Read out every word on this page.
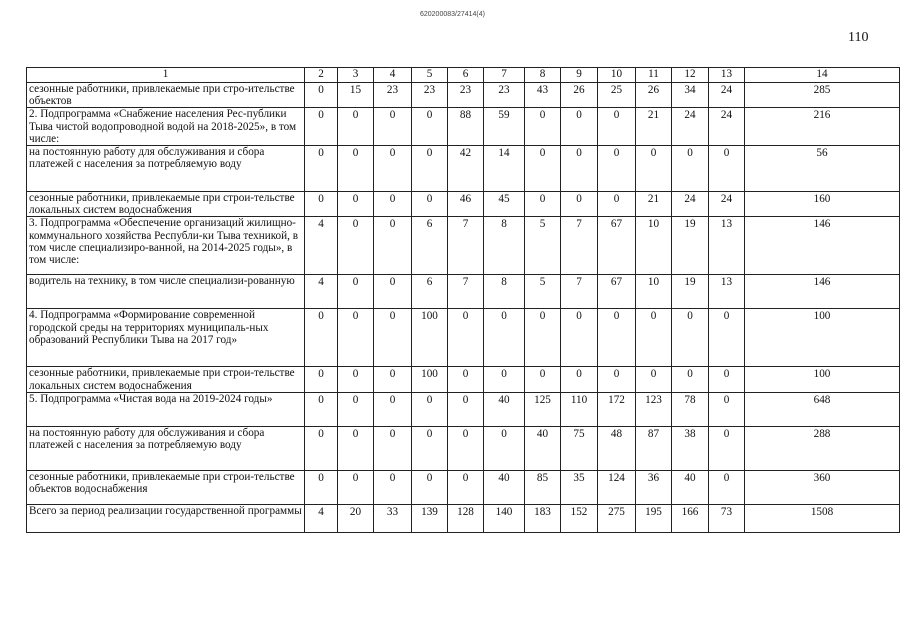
620200083/27414(4)
110
1	2	3	4	5	6	7	8	9	10	11	12	13	14
сезонные работники, привлекаемые при стро-ительстве объектов	0	15	23	23	23	23	43	26	25	26	34	24	285
2. Подпрограмма «Снабжение населения Рес-публики Тыва чистой водопроводной водой на 2018-2025», в том числе:	0	0	0	0	88	59	0	0	0	21	24	24	216
на постоянную работу для обслуживания и сбора платежей с населения за потребляемую воду	0	0	0	0	42	14	0	0	0	0	0	0	56
сезонные работники, привлекаемые при строи-тельстве локальных систем водоснабжения	0	0	0	0	46	45	0	0	0	21	24	24	160
3. Подпрограмма «Обеспечение организаций жилищно-коммунального хозяйства Республи-ки Тыва техникой, в том числе специализиро-ванной, на 2014-2025 годы», в том числе:	4	0	0	6	7	8	5	7	67	10	19	13	146
водитель на технику, в том числе специализи-рованную	4	0	0	6	7	8	5	7	67	10	19	13	146
4. Подпрограмма «Формирование современной городской среды на территориях муниципаль-ных образований Республики Тыва на 2017 год»	0	0	0	100	0	0	0	0	0	0	0	0	100
сезонные работники, привлекаемые при строи-тельстве локальных систем водоснабжения	0	0	0	100	0	0	0	0	0	0	0	0	100
5. Подпрограмма «Чистая вода на 2019-2024 годы»	0	0	0	0	0	40	125	110	172	123	78	0	648
на постоянную работу для обслуживания и сбора платежей с населения за потребляемую воду	0	0	0	0	0	0	40	75	48	87	38	0	288
сезонные работники, привлекаемые при строи-тельстве объектов водоснабжения	0	0	0	0	0	40	85	35	124	36	40	0	360
Всего за период реализации государственной программы	4	20	33	139	128	140	183	152	275	195	166	73	1508
